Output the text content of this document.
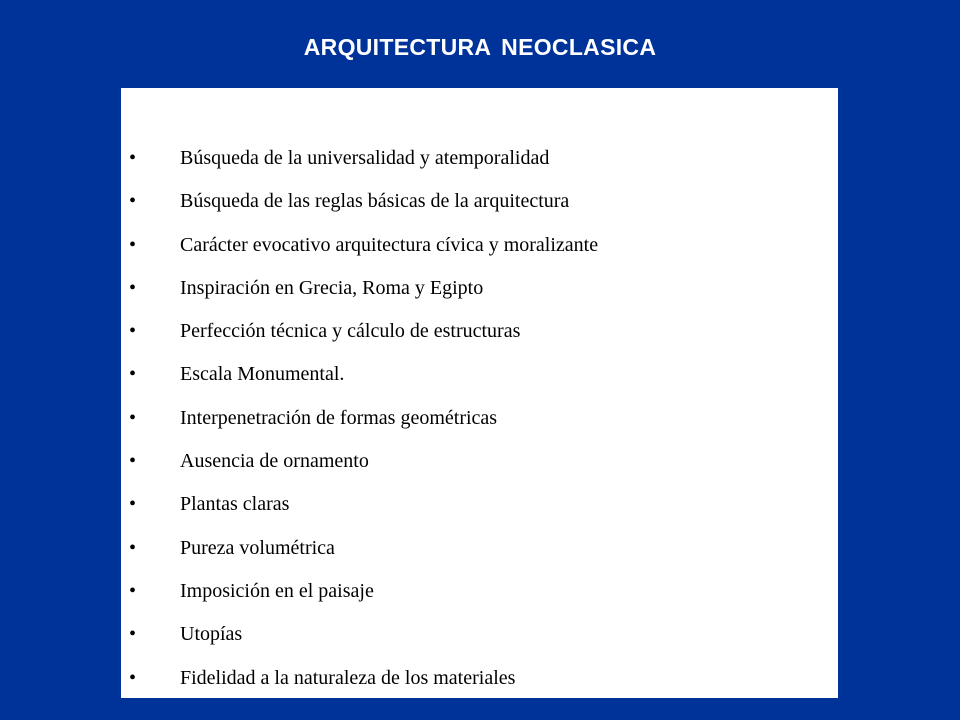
ARQUITECTURA NEOCLASICA
• Búsqueda de la universalidad y atemporalidad
• Búsqueda de las reglas básicas de la arquitectura
• Carácter evocativo arquitectura cívica y moralizante
• Inspiración en Grecia, Roma y Egipto
• Perfección técnica y cálculo de estructuras
• Escala Monumental.
• Interpenetración de formas geométricas
• Ausencia de ornamento
• Plantas claras
• Pureza volumétrica
• Imposición en el paisaje
• Utopías
• Fidelidad a la naturaleza de los materiales
